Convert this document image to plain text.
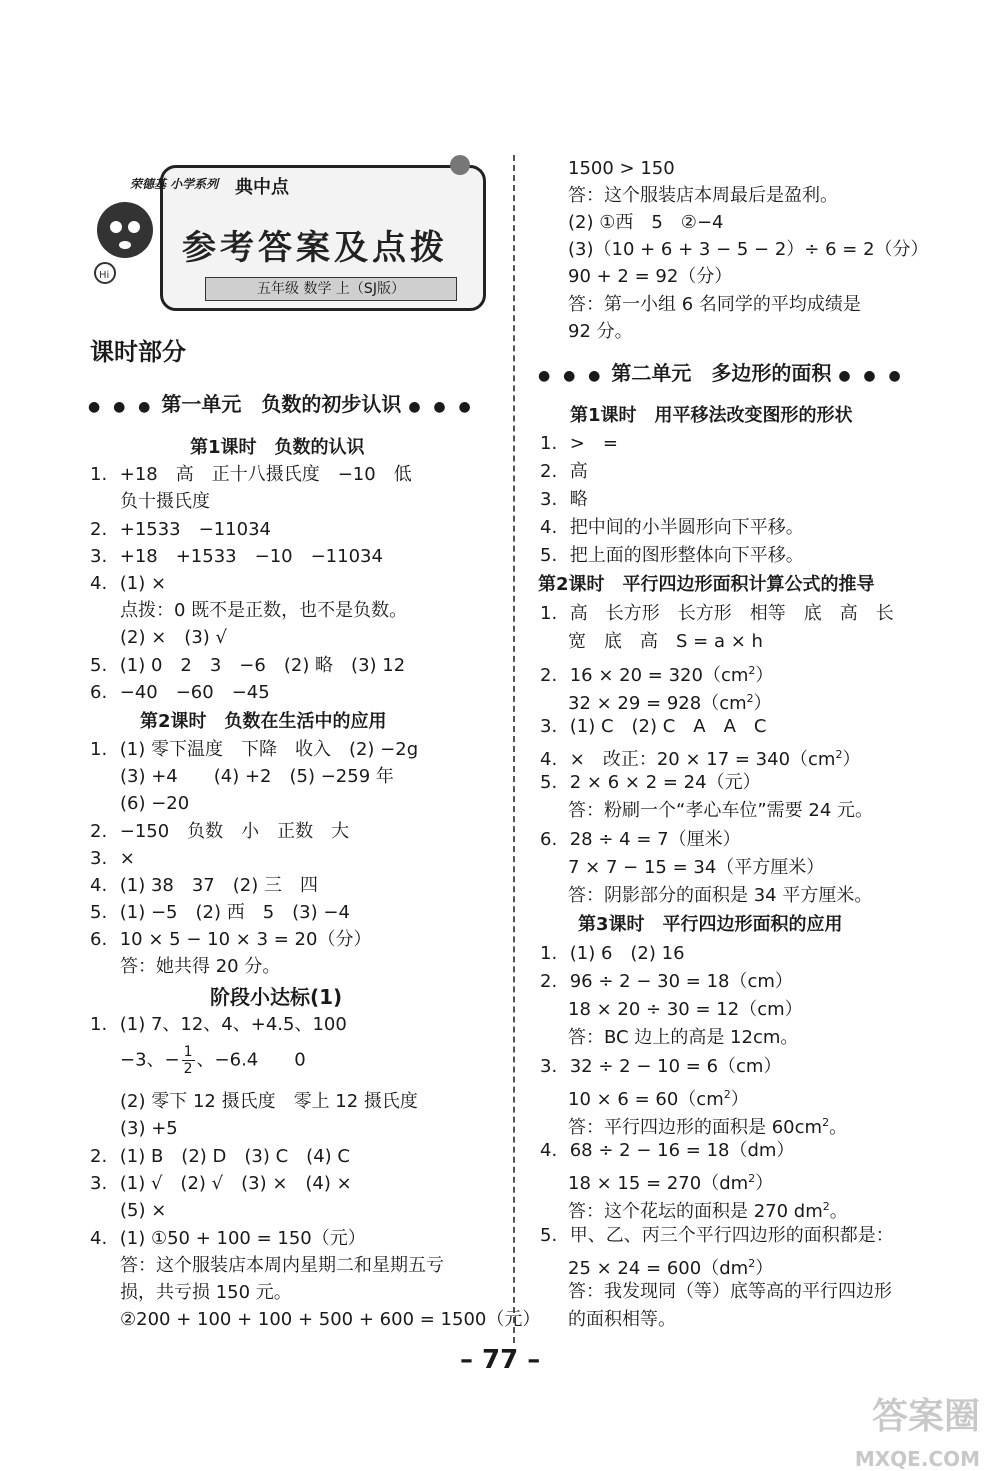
Hi
荣德基 小学系列 典中点
参考答案及点拨
五年级 数学 上（SJ版）
课时部分
● ● ● 第一单元　负数的初步认识 ● ● ●
第1课时　负数的认识
1. +18　高　正十八摄氏度　−10　低
负十摄氏度
2. +1533　−11034
3. +18　+1533　−10　−11034
4. (1) ×
点拨：0 既不是正数，也不是负数。
(2) ×　(3) √
5. (1) 0　2　3　−6　(2) 略　(3) 12
6. −40　−60　−45
第2课时　负数在生活中的应用
1. (1) 零下温度　下降　收入　(2) −2g
(3) +4　　(4) +2　(5) −259 年
(6) −20
2. −150　负数　小　正数　大
3. ×
4. (1) 38　37　(2) 三　四
5. (1) −5　(2) 西　5　(3) −4
6. 10 × 5 − 10 × 3 = 20（分）
答：她共得 20 分。
阶段小达标(1)
1. (1) 7、12、4、+4.5、100
−3、− $\frac{1}{2}$ 、−6.4　　0
(2) 零下 12 摄氏度　零上 12 摄氏度
(3) +5
2. (1) B　(2) D　(3) C　(4) C
3. (1) √　(2) √　(3) ×　(4) ×
(5) ×
4. (1) ①50 + 100 = 150（元）
答：这个服装店本周内星期二和星期五亏
损，共亏损 150 元。
②200 + 100 + 100 + 500 + 600 = 1500（元）
1500 > 150
答：这个服装店本周最后是盈利。
(2) ①西　5　②−4
(3)（10 + 6 + 3 − 5 − 2）÷ 6 = 2（分）
90 + 2 = 92（分）
答：第一小组 6 名同学的平均成绩是
92 分。
● ● ● 第二单元　多边形的面积 ● ● ●
第1课时　用平移法改变图形的形状
1. >　=
2. 高
3. 略
4. 把中间的小半圆形向下平移。
5. 把上面的图形整体向下平移。
第2课时　平行四边形面积计算公式的推导
1. 高　长方形　长方形　相等　底　高　长
宽　底　高　S = a × h
2. $16 \times 20 = 320(cm^2)$
$32 \times 29 = 928(cm^2)$
3. (1) C　(2) C　A　A　C
4. ×　改正：$20 \times 17 = 340(cm^2)$
5. 2 × 6 × 2 = 24（元）
答：粉刷一个“孝心车位”需要 24 元。
6. 28 ÷ 4 = 7（厘米）
7 × 7 − 15 = 34（平方厘米）
答：阴影部分的面积是 34 平方厘米。
第3课时　平行四边形面积的应用
1. (1) 6　(2) 16
2. 96 ÷ 2 − 30 = 18（cm）
18 × 20 ÷ 30 = 12（cm）
答：BC 边上的高是 12cm。
3. 32 ÷ 2 − 10 = 6（cm）
$10 \times 6 = 60(cm^2)$
答：平行四边形的面积是 $60cm^2$。
4. 68 ÷ 2 − 16 = 18（dm）
$18 \times 15 = 270(dm^2)$
答：这个花坛的面积是 270 $dm^2$。
5. 甲、乙、丙三个平行四边形的面积都是：
$25 \times 24 = 600(dm^2)$
答：我发现同（等）底等高的平行四边形
的面积相等。
– 77 –
答案圈
MXQE.COM
